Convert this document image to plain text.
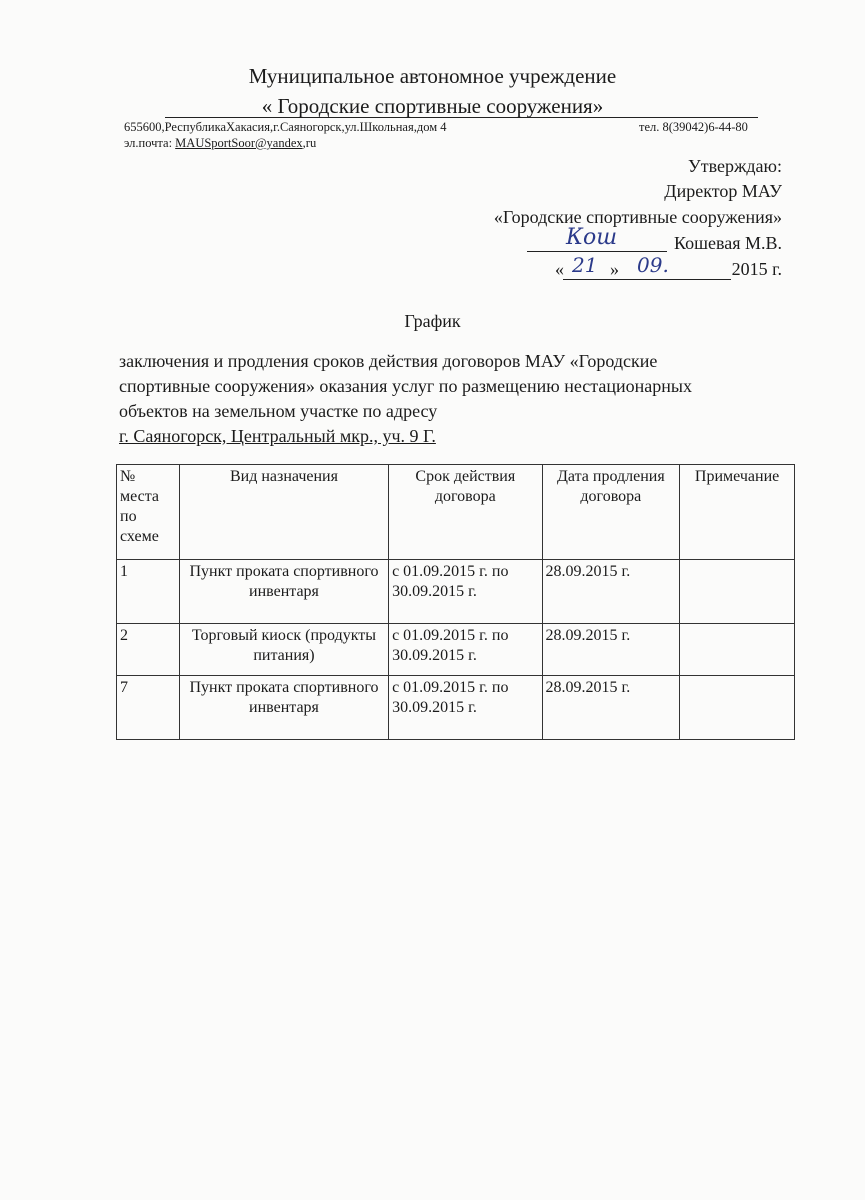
Муниципальное автономное учреждение
« Городские спортивные сооружения»
655600,РеспубликаХакасия,г.Саяногорск,ул.Школьная,дом 4	тел. 8(39042)6-44-80
эл.почта: MAUSportSoor@yandex,ru
Утверждаю:
Директор МАУ
«Городские спортивные сооружения»
Кош	Кошевая М.В.
« 21 » 09.	2015 г.
График
заключения и продления сроков действия договоров МАУ «Городские
спортивные сооружения» оказания услуг по размещению нестационарных
объектов на земельном участке по адресу
г. Саяногорск, Центральный мкр., уч. 9 Г.
№ места по схеме	Вид назначения	Срок действия договора	Дата продления договора	Примечание
1	Пункт проката спортивного инвентаря	с 01.09.2015 г. по 30.09.2015 г.	28.09.2015 г.	
2	Торговый киоск (продукты питания)	с 01.09.2015 г. по 30.09.2015 г.	28.09.2015 г.	
7	Пункт проката спортивного инвентаря	с 01.09.2015 г. по 30.09.2015 г.	28.09.2015 г.	
